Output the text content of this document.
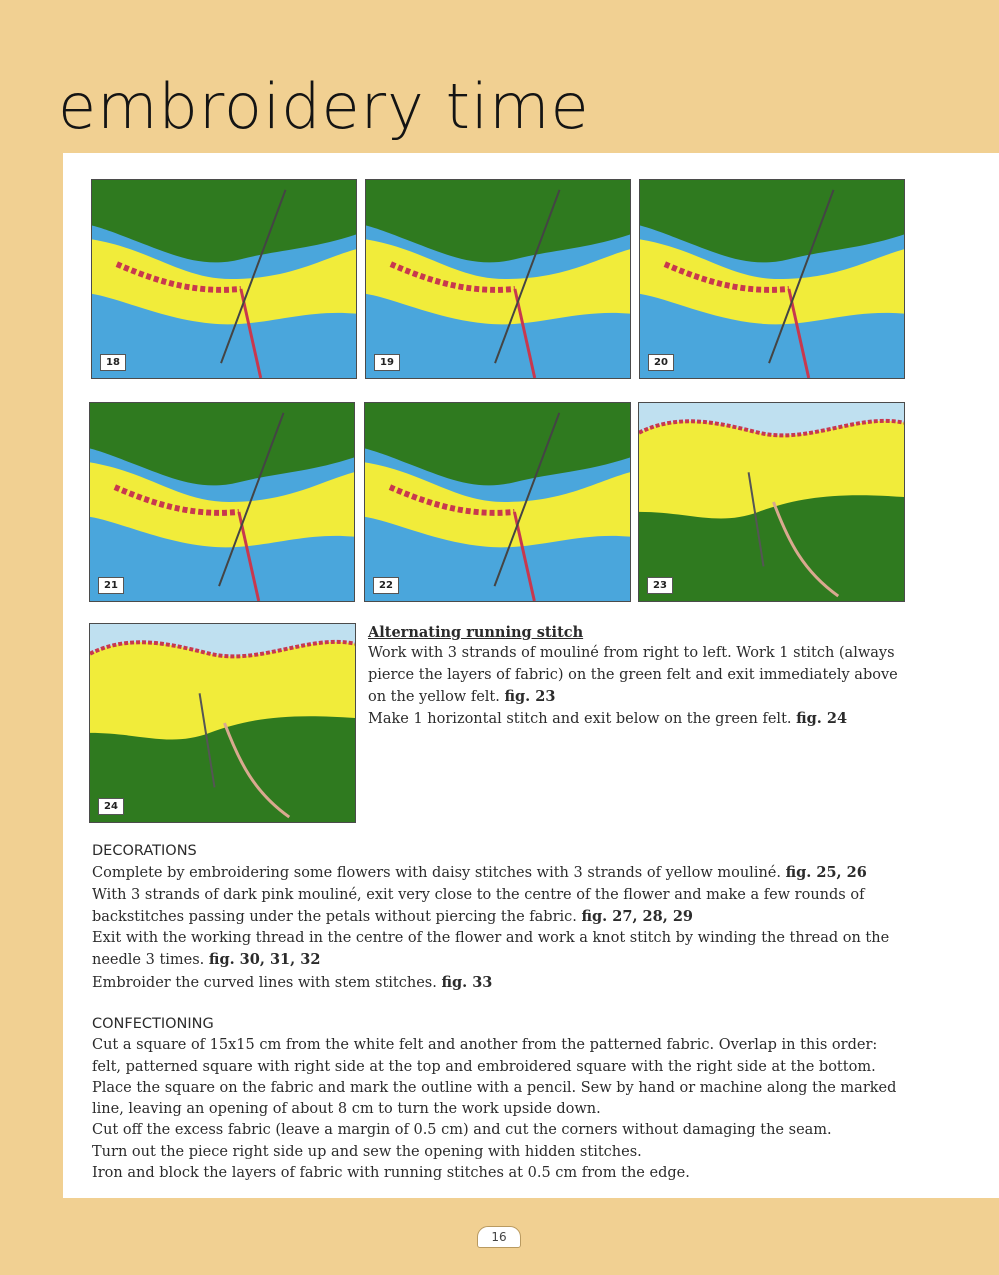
embroidery time
18	19	20
21	22	23
24

Alternating running stitch

Work with 3 strands of mouliné from right to left. Work 1 stitch (always pierce the layers of fabric) on the green felt and exit immediately above on the yellow felt. fig. 23

Make 1 horizontal stitch and exit below on the green felt. fig. 24

DECORATIONS

Complete by embroidering some flowers with daisy stitches with 3 strands of yellow mouliné. fig. 25, 26

With 3 strands of dark pink mouliné, exit very close to the centre of the flower and make a few rounds of backstitches passing under the petals without piercing the fabric. fig. 27, 28, 29

Exit with the working thread in the centre of the flower and work a knot stitch by winding the thread on the needle 3 times. fig. 30, 31, 32

Embroider the curved lines with stem stitches. fig. 33

CONFECTIONING

Cut a square of 15x15 cm from the white felt and another from the patterned fabric. Overlap in this order: felt, patterned square with right side at the top and embroidered square with the right side at the bottom.

Place the square on the fabric and mark the outline with a pencil. Sew by hand or machine along the marked line, leaving an opening of about 8 cm to turn the work upside down.

Cut off the excess fabric (leave a margin of 0.5 cm) and cut the corners without damaging the seam.

Turn out the piece right side up and sew the opening with hidden stitches.

Iron and block the layers of fabric with running stitches at 0.5 cm from the edge.

16
